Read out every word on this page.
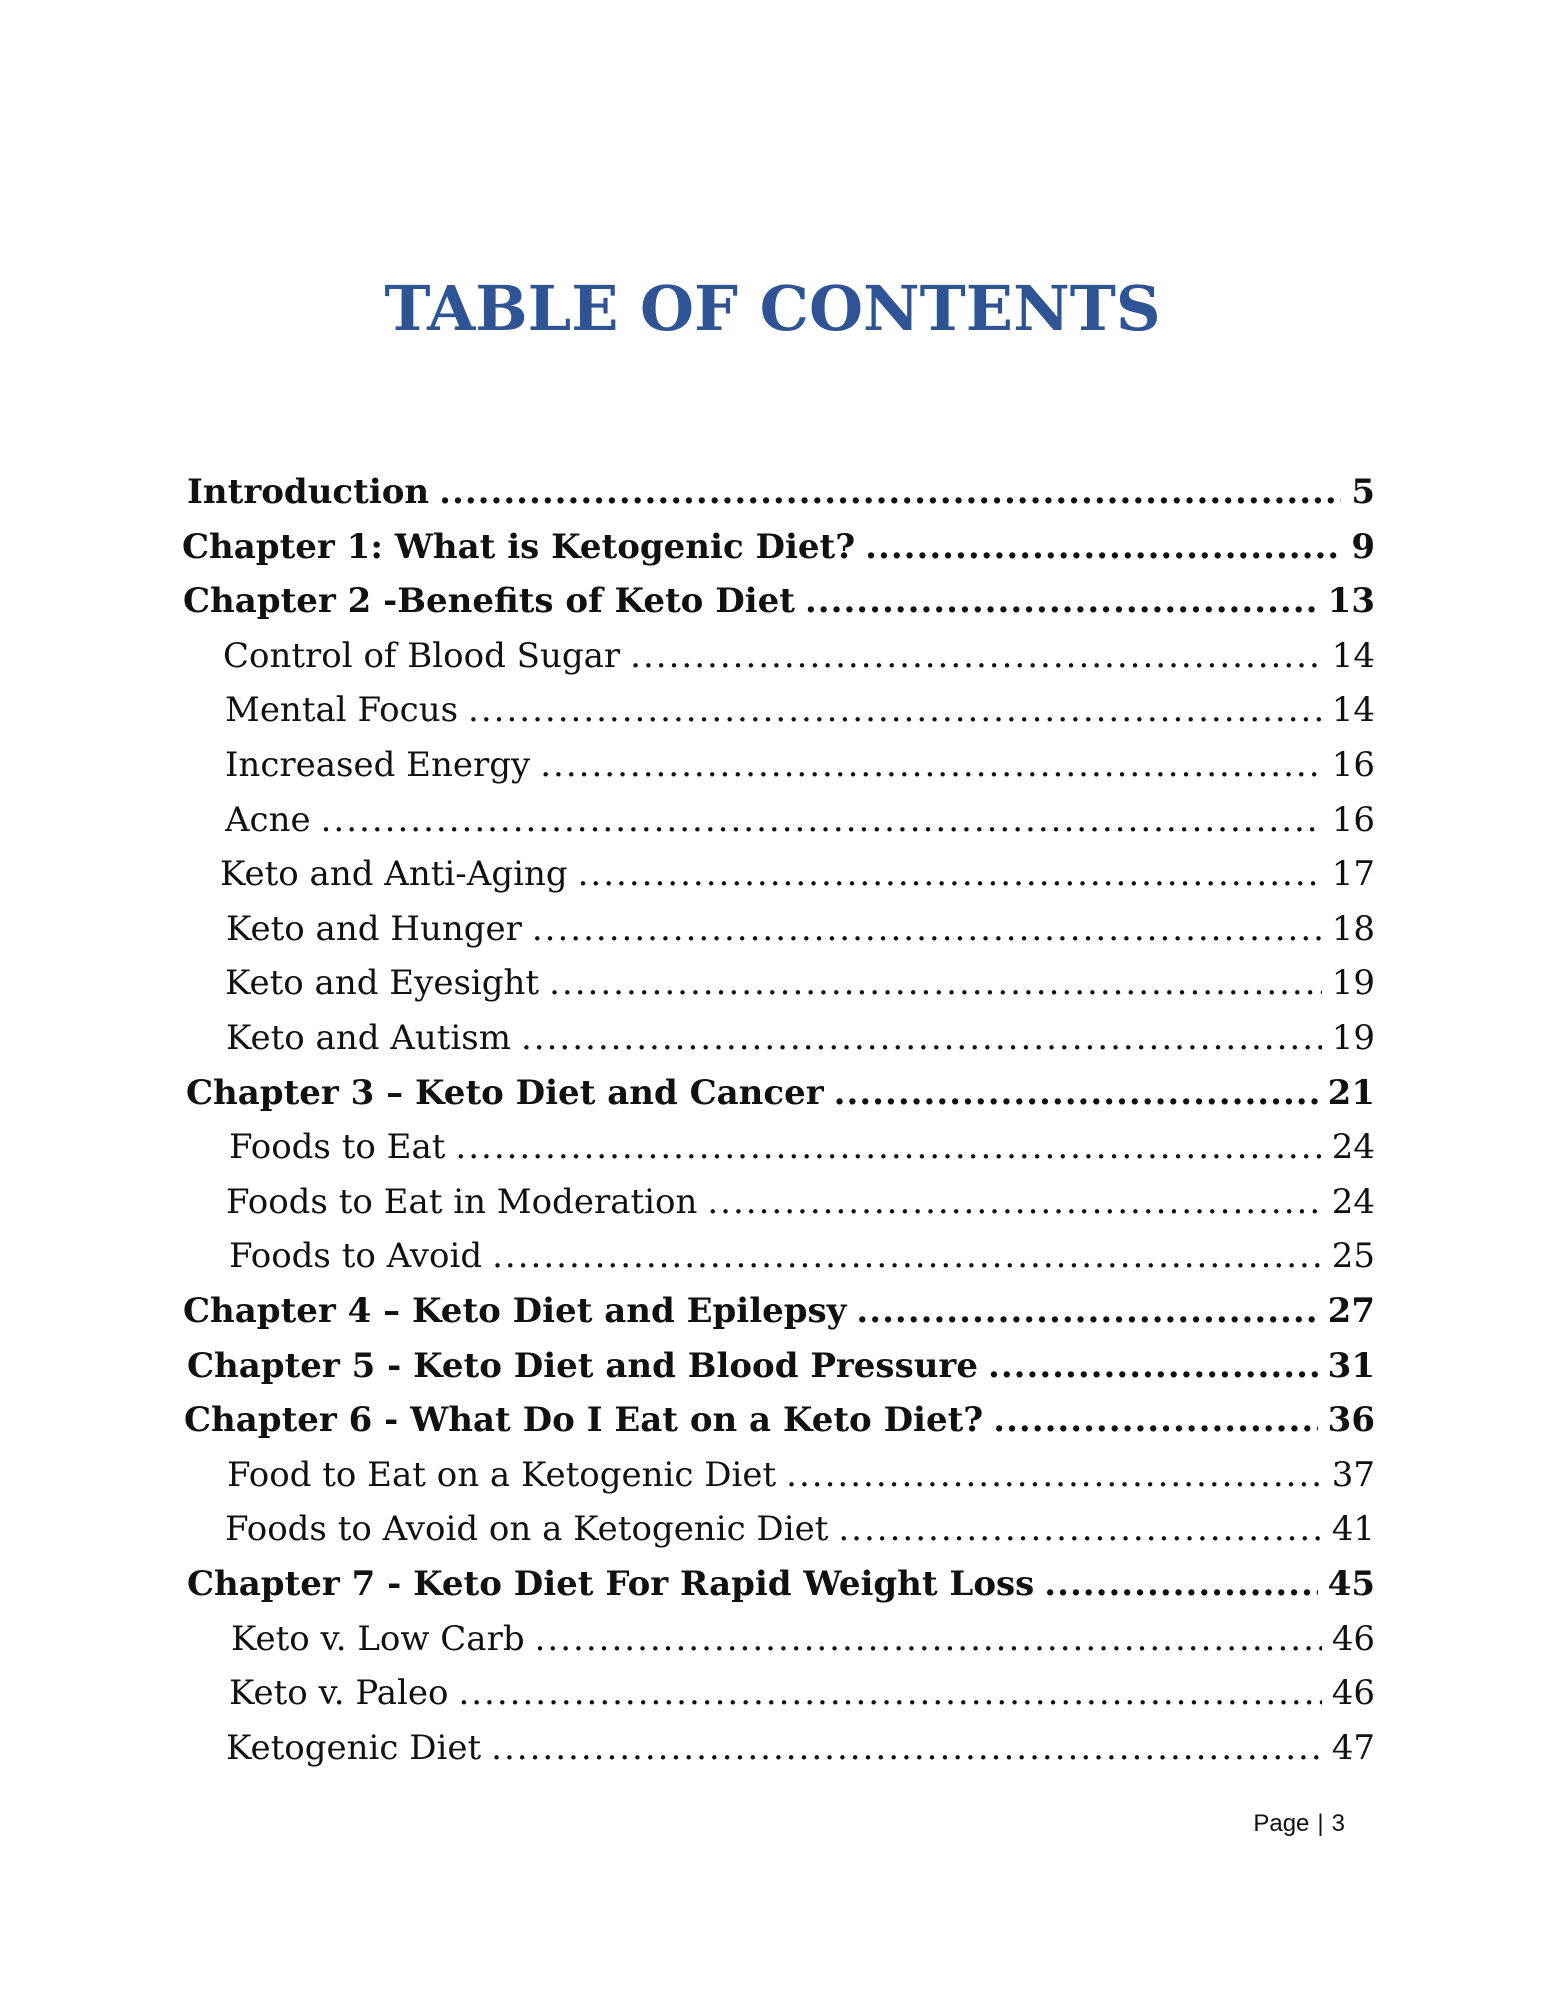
TABLE OF CONTENTS
Introduction .....	5
Chapter 1: What is Ketogenic Diet? .....	9
Chapter 2 -Benefits of Keto Diet .....	13
Control of Blood Sugar .....	14
Mental Focus .....	14
Increased Energy .....	16
Acne .....	16
Keto and Anti-Aging .....	17
Keto and Hunger .....	18
Keto and Eyesight .....	19
Keto and Autism .....	19
Chapter 3 – Keto Diet and Cancer .....	21
Foods to Eat .....	24
Foods to Eat in Moderation .....	24
Foods to Avoid .....	25
Chapter 4 – Keto Diet and Epilepsy .....	27
Chapter 5 - Keto Diet and Blood Pressure .....	31
Chapter 6 - What Do I Eat on a Keto Diet? .....	36
Food to Eat on a Ketogenic Diet .....	37
Foods to Avoid on a Ketogenic Diet .....	41
Chapter 7 - Keto Diet For Rapid Weight Loss .....	45
Keto v. Low Carb .....	46
Keto v. Paleo .....	46
Ketogenic Diet .....	47
Page | 3
